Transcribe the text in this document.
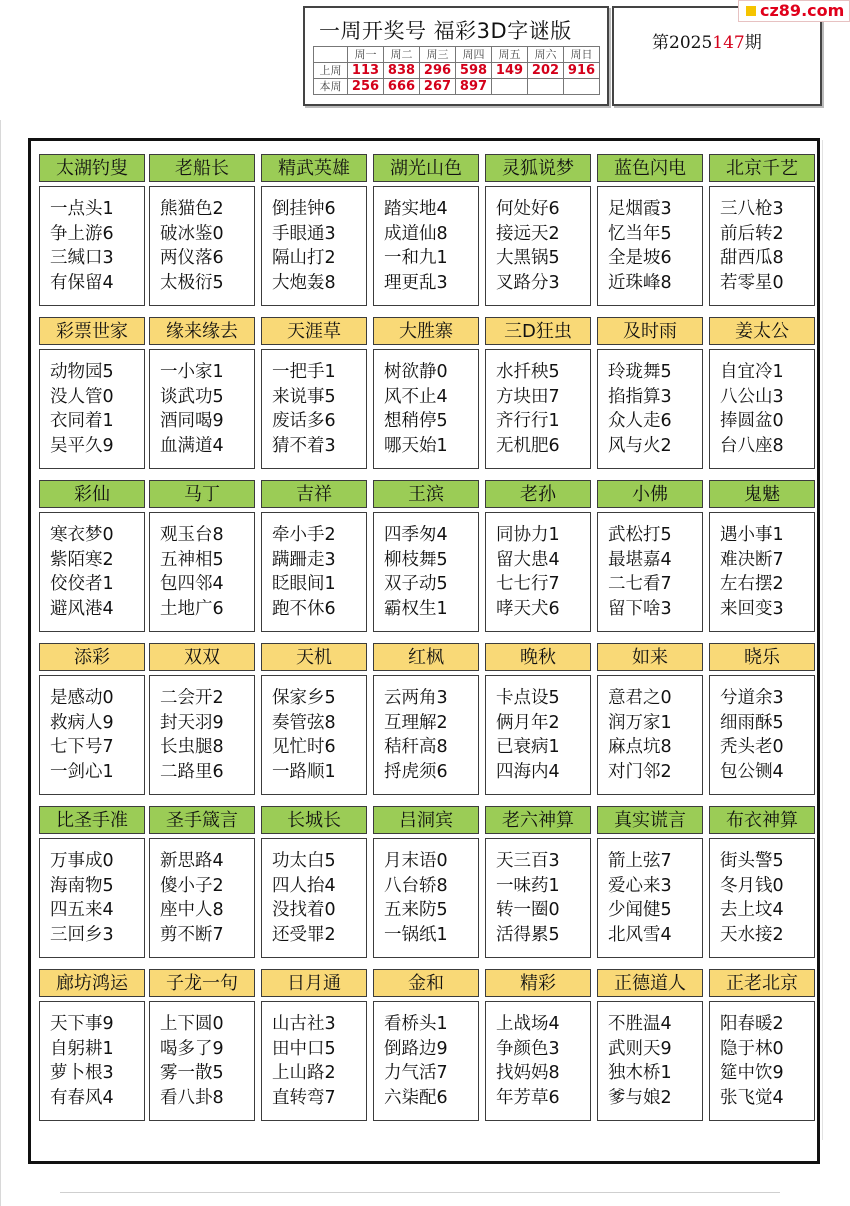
一周开奖号 福彩3D字谜版
	周一	周二	周三	周四	周五	周六	周日
上周	113	838	296	598	149	202	916
本周	256	666	267	897			
第2025147期
cz89.com
太湖钓叟
一点头1
争上游6
三缄口3
有保留4
老船长
熊猫色2
破冰鉴0
两仪落6
太极衍5
精武英雄
倒挂钟6
手眼通3
隔山打2
大炮轰8
湖光山色
踏实地4
成道仙8
一和九1
理更乱3
灵狐说梦
何处好6
接远天2
大黑锅5
叉路分3
蓝色闪电
足烟霞3
忆当年5
全是坡6
近珠峰8
北京千艺
三八枪3
前后转2
甜西瓜8
若零星0
彩票世家
动物园5
没人管0
衣同着1
吴平久9
缘来缘去
一小家1
谈武功5
酒同喝9
血满道4
天涯草
一把手1
来说事5
废话多6
猜不着3
大胜寨
树欲静0
风不止4
想稍停5
哪天始1
三D狂虫
水扦秧5
方块田7
齐行行1
无机肥6
及时雨
玲珑舞5
掐指算3
众人走6
风与火2
姜太公
自宜冷1
八公山3
捧圆盆0
台八座8
彩仙
寒衣梦0
紫陌寒2
佼佼者1
避风港4
马丁
观玉台8
五神相5
包四邻4
土地广6
吉祥
牵小手2
蹒跚走3
眨眼间1
跑不休6
王滨
四季匆4
柳枝舞5
双子动5
霸权生1
老孙
同协力1
留大患4
七七行7
哮天犬6
小佛
武松打5
最堪嘉4
二七看7
留下啥3
鬼魅
遇小事1
难决断7
左右摆2
来回变3
添彩
是感动0
救病人9
七下号7
一剑心1
双双
二会开2
封天羽9
长虫腿8
二路里6
天机
保家乡5
奏管弦8
见忙时6
一路顺1
红枫
云两角3
互理解2
秸秆高8
捋虎须6
晚秋
卡点设5
俩月年2
已衰病1
四海内4
如来
意君之0
润万家1
麻点坑8
对门邻2
晓乐
兮道余3
细雨酥5
秃头老0
包公铡4
比圣手准
万事成0
海南物5
四五来4
三回乡3
圣手箴言
新思路4
傻小子2
座中人8
剪不断7
长城长
功太白5
四人抬4
没找着0
还受罪2
吕洞宾
月末语0
八台轿8
五来防5
一锅纸1
老六神算
天三百3
一味药1
转一圈0
活得累5
真实谎言
箭上弦7
爱心来3
少闻健5
北风雪4
布衣神算
街头警5
冬月钱0
去上坟4
天水接2
廊坊鸿运
天下事9
自躬耕1
萝卜根3
有春风4
子龙一句
上下圆0
喝多了9
雾一散5
看八卦8
日月通
山古社3
田中口5
上山路2
直转弯7
金和
看桥头1
倒路边9
力气活7
六柒配6
精彩
上战场4
争颜色3
找妈妈8
年芳草6
正德道人
不胜温4
武则天9
独木桥1
爹与娘2
正老北京
阳春暖2
隐于林0
筵中饮9
张飞觉4
